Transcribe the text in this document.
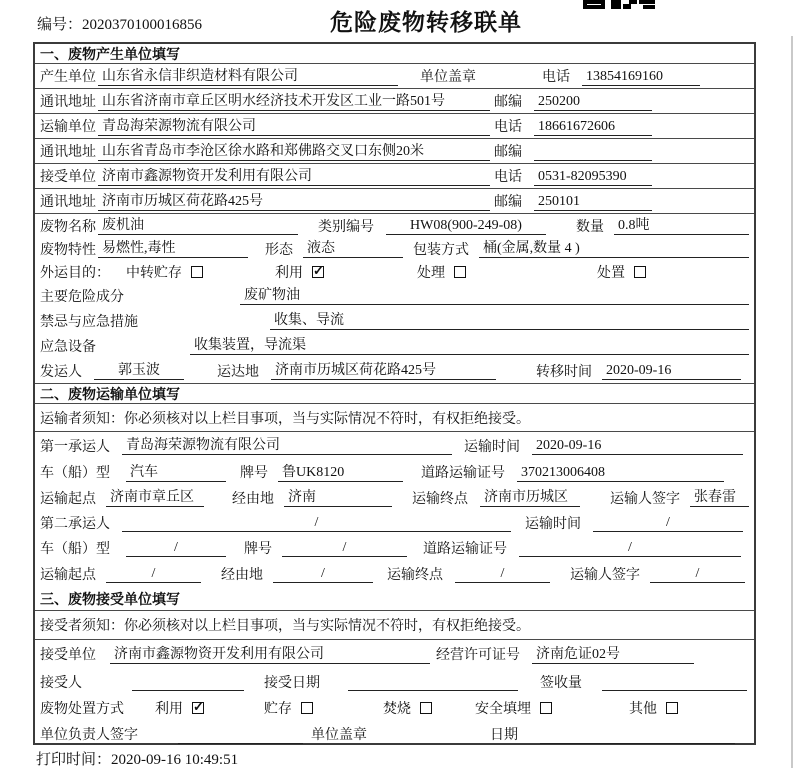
编号：2020370100016856	危险废物转移联单
一、废物产生单位填写
产生单位 山东省永信非织造材料有限公司	单位盖章	电话 13854169160
通讯地址 山东省济南市章丘区明水经济技术开发区工业一路501号	邮编 250200
运输单位 青岛海荣源物流有限公司	电话 18661672606
通讯地址 山东省青岛市李沧区徐水路和郑佛路交叉口东侧20米	邮编
接受单位 济南市鑫源物资开发利用有限公司	电话 0531-82095390
通讯地址 济南市历城区荷花路425号	邮编 250101
废物名称 废机油	类别编号	HW08(900-249-08)	数量 0.8吨
废物特性 易燃性,毒性	形态 液态	包装方式 桶(金属,数量 4 )
外运目的：	中转贮存	利用 ✓	处理	处置
主要危险成分	废矿物油
禁忌与应急措施	收集、导流
应急设备	收集装置，导流渠
发运人	郭玉波	运达地 济南市历城区荷花路425号	转移时间 2020-09-16
二、废物运输单位填写
运输者须知：你必须核对以上栏目事项，当与实际情况不符时，有权拒绝接受。
第一承运人 青岛海荣源物流有限公司	运输时间 2020-09-16
车（船）型	汽车	牌号 鲁UK8120	道路运输证号 370213006408
运输起点 济南市章丘区	经由地 济南	运输终点 济南市历城区	运输人签字 张春雷
第二承运人	/	运输时间	/
车（船）型	/	牌号	/	道路运输证号	/
运输起点	/	经由地	/	运输终点	/	运输人签字	/
三、废物接受单位填写
接受者须知：你必须核对以上栏目事项，当与实际情况不符时，有权拒绝接受。
接受单位 济南市鑫源物资开发利用有限公司	经营许可证号 济南危证02号
接受人	接受日期	签收量
废物处置方式 利用 ✓	贮存	焚烧	安全填埋	其他
单位负责人签字	单位盖章	日期
打印时间：2020-09-16 10:49:51
